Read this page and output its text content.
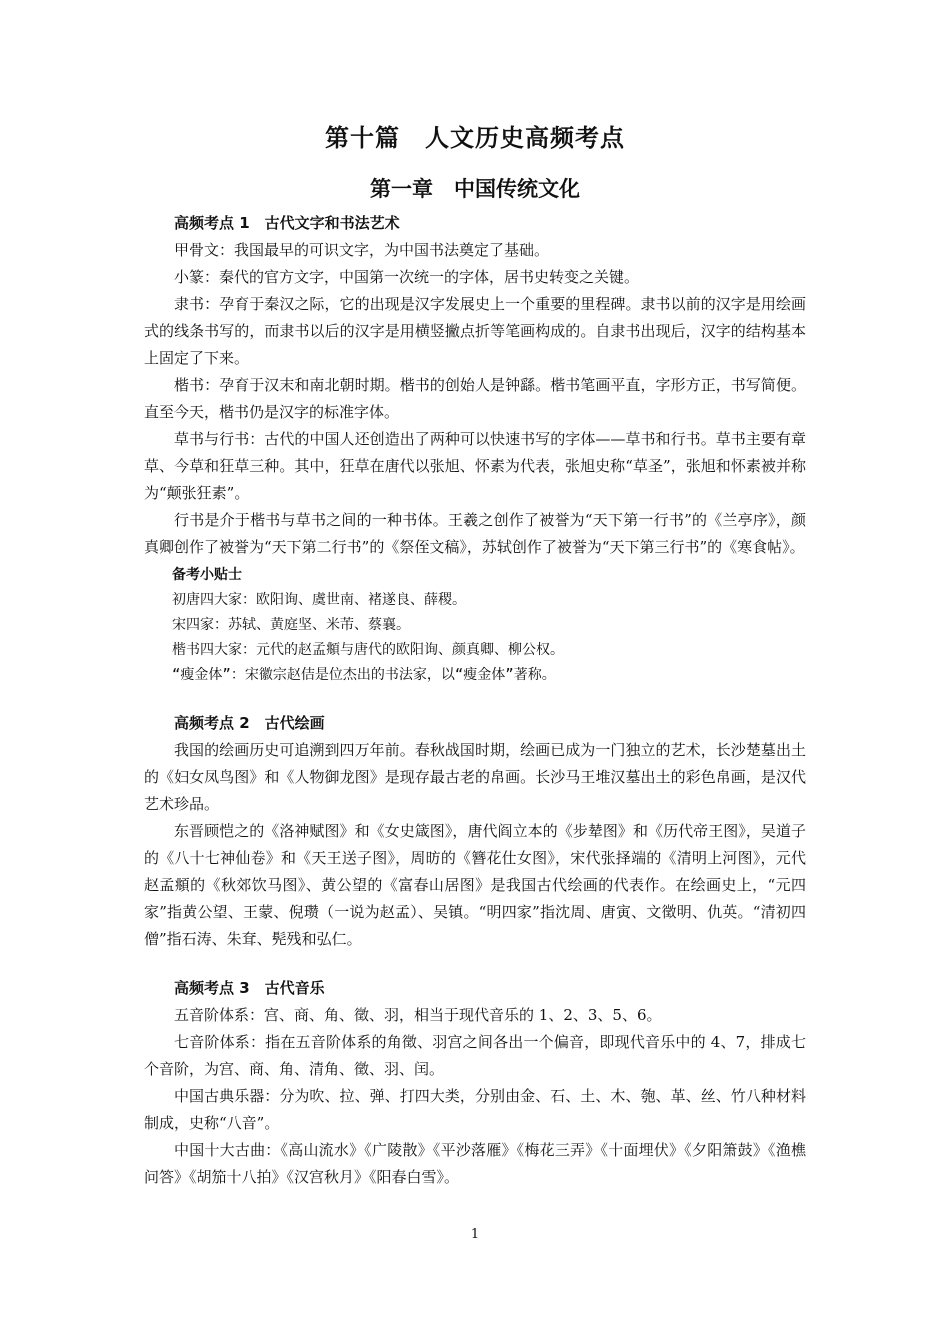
第十篇　人文历史高频考点
第一章　中国传统文化
高频考点 1　古代文字和书法艺术

甲骨文：我国最早的可识文字，为中国书法奠定了基础。

小篆：秦代的官方文字，中国第一次统一的字体，居书史转变之关键。

隶书：孕育于秦汉之际，它的出现是汉字发展史上一个重要的里程碑。隶书以前的汉字是用绘画式的线条书写的，而隶书以后的汉字是用横竖撇点折等笔画构成的。自隶书出现后，汉字的结构基本上固定了下来。

楷书：孕育于汉末和南北朝时期。楷书的创始人是钟繇。楷书笔画平直，字形方正，书写简便。直至今天，楷书仍是汉字的标准字体。

草书与行书：古代的中国人还创造出了两种可以快速书写的字体——草书和行书。草书主要有章草、今草和狂草三种。其中，狂草在唐代以张旭、怀素为代表，张旭史称“草圣”，张旭和怀素被并称为“颠张狂素”。

行书是介于楷书与草书之间的一种书体。王羲之创作了被誉为“天下第一行书”的《兰亭序》，颜真卿创作了被誉为“天下第二行书”的《祭侄文稿》，苏轼创作了被誉为“天下第三行书”的《寒食帖》。

备考小贴士

初唐四大家：欧阳询、虞世南、褚遂良、薛稷。

宋四家：苏轼、黄庭坚、米芾、蔡襄。

楷书四大家：元代的赵孟頫与唐代的欧阳询、颜真卿、柳公权。

“瘦金体”：宋徽宗赵佶是位杰出的书法家，以“瘦金体”著称。

高频考点 2　古代绘画

我国的绘画历史可追溯到四万年前。春秋战国时期，绘画已成为一门独立的艺术，长沙楚墓出土的《妇女凤鸟图》和《人物御龙图》是现存最古老的帛画。长沙马王堆汉墓出土的彩色帛画，是汉代艺术珍品。

东晋顾恺之的《洛神赋图》和《女史箴图》，唐代阎立本的《步辇图》和《历代帝王图》，吴道子的《八十七神仙卷》和《天王送子图》，周昉的《簪花仕女图》，宋代张择端的《清明上河图》，元代赵孟頫的《秋郊饮马图》、黄公望的《富春山居图》是我国古代绘画的代表作。在绘画史上，“元四家”指黄公望、王蒙、倪瓒（一说为赵孟）、吴镇。“明四家”指沈周、唐寅、文徵明、仇英。“清初四僧”指石涛、朱耷、髡残和弘仁。

高频考点 3　古代音乐

五音阶体系：宫、商、角、徵、羽，相当于现代音乐的 1、2、3、5、6。

七音阶体系：指在五音阶体系的角徵、羽宫之间各出一个偏音，即现代音乐中的 4、7，排成七个音阶，为宫、商、角、清角、徵、羽、闰。

中国古典乐器：分为吹、拉、弹、打四大类，分别由金、石、土、木、匏、革、丝、竹八种材料制成，史称“八音”。

中国十大古曲：《高山流水》《广陵散》《平沙落雁》《梅花三弄》《十面埋伏》《夕阳箫鼓》《渔樵问答》《胡笳十八拍》《汉宫秋月》《阳春白雪》。

1
